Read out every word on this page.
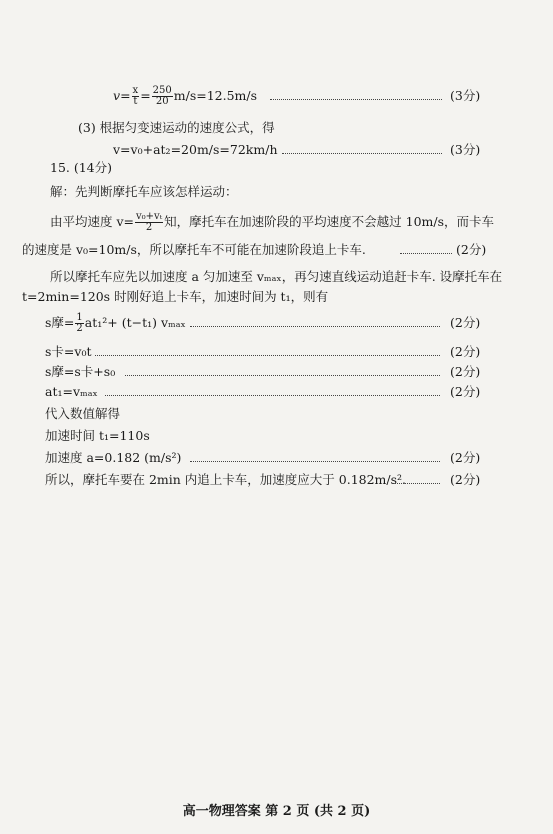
$v= \frac{x}{t} = \frac{250}{20} m/s=12.5m/s$	(3分)
(3) 根据匀变速运动的速度公式，得
v=v₀+at₂=20m/s=72km/h	(3分)
15. (14分)
解：先判断摩托车应该怎样运动：
由平均速度 $v= \frac{\text{v₀+vₜ}}{2}$ 知，摩托车在加速阶段的平均速度不会越过 10m/s，而卡车
的速度是 v₀=10m/s，所以摩托车不可能在加速阶段追上卡车.	(2分)
所以摩托车应先以加速度 a 匀加速至 vₘₐₓ，再匀速直线运动追赶卡车. 设摩托车在
t=2min=120s 时刚好追上卡车，加速时间为 t₁，则有
s摩= $\frac{1}{2} at_1^2+ (t-t_1)$ vₘₐₓ	(2分)
s卡=v₀t	(2分)
s摩=s卡+s₀	(2分)
at₁=vₘₐₓ	(2分)
代入数值解得
加速时间 t₁=110s
加速度 a=0.182 (m/s²)	(2分)
所以，摩托车要在 2min 内追上卡车，加速度应大于 0.182m/s².	(2分)
高一物理答案 第 2 页 (共 2 页)
